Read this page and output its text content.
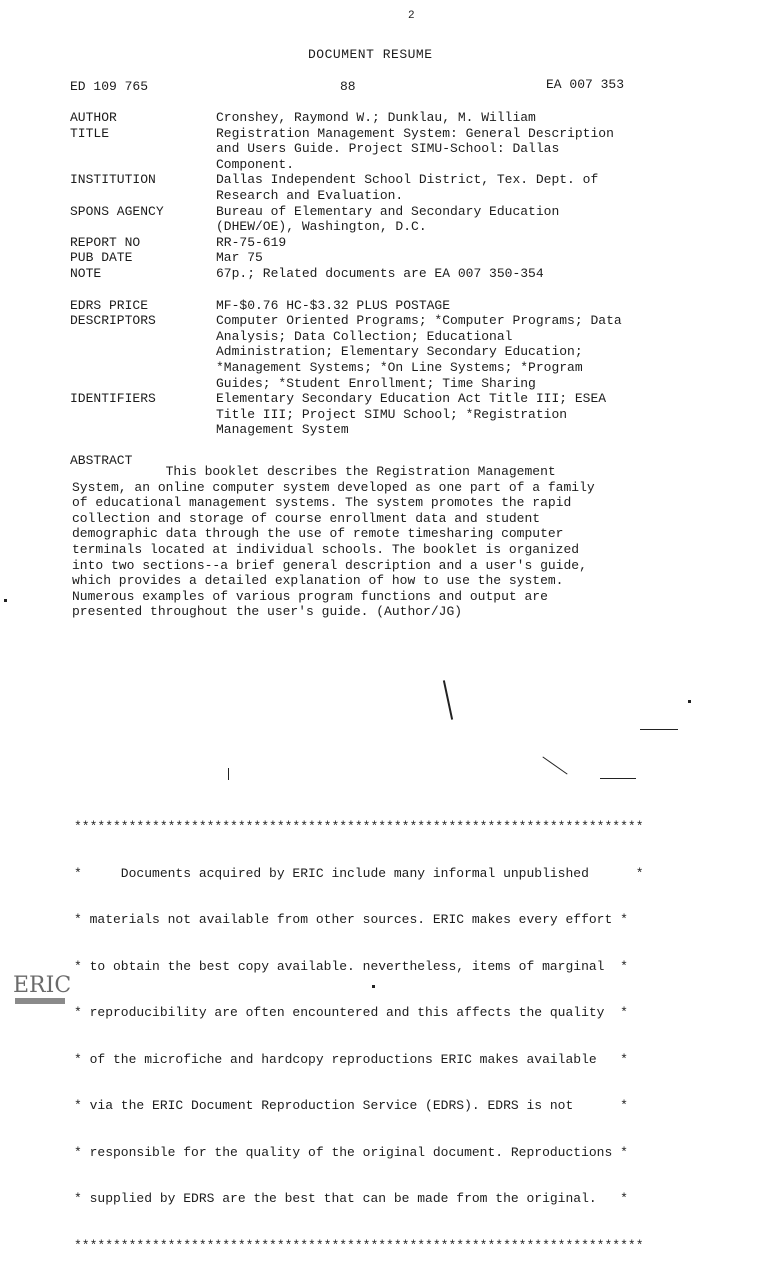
2
DOCUMENT RESUME
ED 109 765	88	EA 007 353
AUTHOR	Cronshey, Raymond W.; Dunklau, M. William
TITLE	Registration Management System: General Description
and Users Guide. Project SIMU-School: Dallas
Component.
INSTITUTION	Dallas Independent School District, Tex. Dept. of
Research and Evaluation.
SPONS AGENCY	Bureau of Elementary and Secondary Education
(DHEW/OE), Washington, D.C.
REPORT NO	RR-75-619
PUB DATE	Mar 75
NOTE	67p.; Related documents are EA 007 350-354
EDRS PRICE	MF-$0.76 HC-$3.32 PLUS POSTAGE
DESCRIPTORS	Computer Oriented Programs; *Computer Programs; Data
Analysis; Data Collection; Educational
Administration; Elementary Secondary Education;
*Management Systems; *On Line Systems; *Program
Guides; *Student Enrollment; Time Sharing
IDENTIFIERS	Elementary Secondary Education Act Title III; ESEA
Title III; Project SIMU School; *Registration
Management System
ABSTRACT
This booklet describes the Registration Management
System, an online computer system developed as one part of a family
of educational management systems. The system promotes the rapid
collection and storage of course enrollment data and student
demographic data through the use of remote timesharing computer
terminals located at individual schools. The booklet is organized
into two sections--a brief general description and a user's guide,
which provides a detailed explanation of how to use the system.
Numerous examples of various program functions and output are
presented throughout the user's guide. (Author/JG)

*************************************************************************

*     Documents acquired by ERIC include many informal unpublished      *

* materials not available from other sources. ERIC makes every effort *

* to obtain the best copy available. nevertheless, items of marginal  *

* reproducibility are often encountered and this affects the quality  *

* of the microfiche and hardcopy reproductions ERIC makes available   *

* via the ERIC Document Reproduction Service (EDRS). EDRS is not      *

* responsible for the quality of the original document. Reproductions *

* supplied by EDRS are the best that can be made from the original.   *

*************************************************************************

ERIC
